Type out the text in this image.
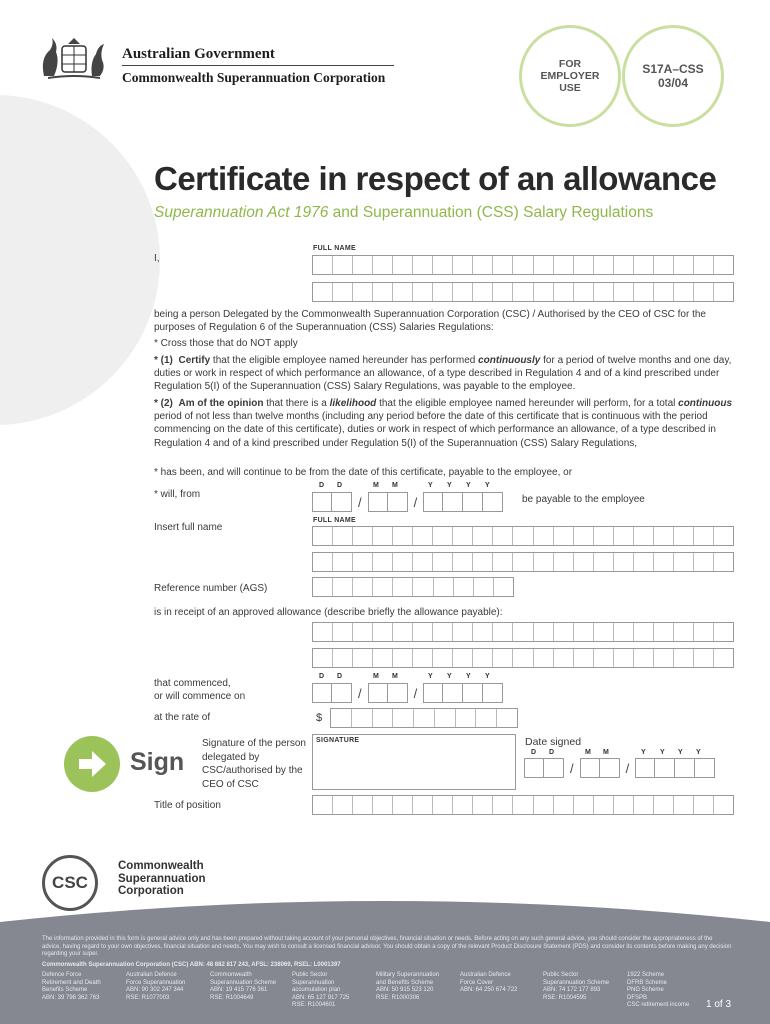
Australian Government
Commonwealth Superannuation Corporation
FOR EMPLOYER USE
S17A–CSS
03/04
Certificate in respect of an allowance
Superannuation Act 1976 and Superannuation (CSS) Salary Regulations
I,
FULL NAME
being a person Delegated by the Commonwealth Superannuation Corporation (CSC) / Authorised by the CEO of CSC for the purposes of Regulation 6 of the Superannuation (CSS) Salaries Regulations:
* Cross those that do NOT apply
* (1) Certify that the eligible employee named hereunder has performed continuously for a period of twelve months and one day, duties or work in respect of which performance an allowance, of a type described in Regulation 4 and of a kind prescribed under Regulation 5(I) of the Superannuation (CSS) Salary Regulations, was payable to the employee.
* (2) Am of the opinion that there is a likelihood that the eligible employee named hereunder will perform, for a total continuous period of not less than twelve months (including any period before the date of this certificate that is continuous with the period commencing on the date of this certificate), duties or work in respect of which performance an allowance, of a type described in Regulation 4 and of a kind prescribed under Regulation 5(I) of the Superannuation (CSS) Salary Regulations,
* has been, and will continue to be from the date of this certificate, payable to the employee, or
* will, from
D D	M M	Y Y Y Y
/	/	be payable to the employee
Insert full name
FULL NAME
Reference number (AGS)
is in receipt of an approved allowance (describe briefly the allowance payable):
that commenced,
or will commence on
D D	M M	Y Y Y Y
/	/
at the rate of	$
Sign
Signature of the person delegated by CSC/authorised by the CEO of CSC
SIGNATURE	Date signed
D D	M M	Y Y Y Y
/	/
Title of position
CSC
Commonwealth
Superannuation
Corporation
The information provided in this form is general advice only and has been prepared without taking account of your personal objectives, financial situation or needs. Before acting on any such general advice, you should consider the appropriateness of the advice, having regard to your own objectives, financial situation and needs. You may wish to consult a licensed financial advisor. You should obtain a copy of the relevant Product Disclosure Statement (PDS) and consider its contents before making any decision regarding your super.
Commonwealth Superannuation Corporation (CSC) ABN: 48 882 817 243, AFSL: 238069, RSEL: L0001397
Defence Force
Retirement and Death
Benefits Scheme
ABN: 39 798 362 763
Australian Defence
Force Superannuation
ABN: 90 302 247 344
RSE: R1077003
Commonwealth
Superannuation Scheme
ABN: 19 415 776 361
RSE: R1004649
Public Sector
Superannuation
accumulation plan
ABN: 65 127 917 725
RSE: R1004601
Military Superannuation
and Benefits Scheme
ABN: 50 915 523 120
RSE: R1000306
Australian Defence
Force Cover
ABN: 64 250 674 722
Public Sector
Superannuation Scheme
ABN: 74 172 177 893
RSE: R1004595
1922 Scheme
DFRB Scheme
PNG Scheme
DFSPB
CSC retirement income	1 of 3
